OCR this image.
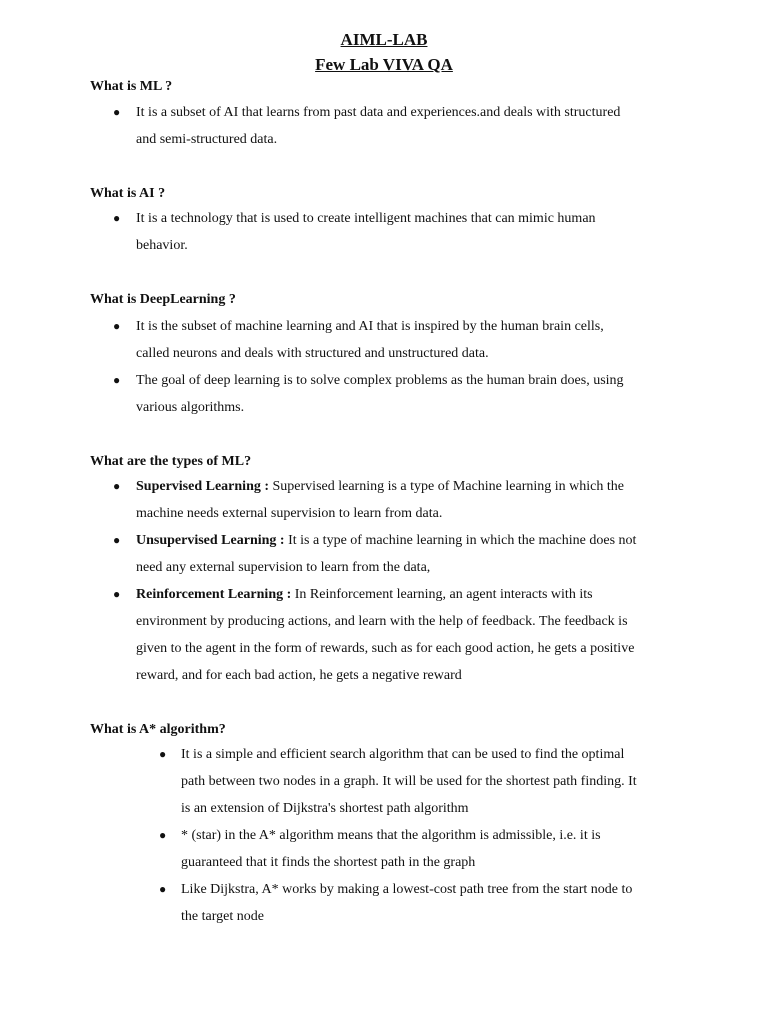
AIML-LAB
Few Lab VIVA QA
What is ML ?
● It is a subset of AI that learns from past data and experiences.and deals with structured
and semi-structured data.
What is AI ?
● It is a technology that is used to create intelligent machines that can mimic human
behavior.
What is DeepLearning ?
● It is the subset of machine learning and AI that is inspired by the human brain cells,
called neurons and deals with structured and unstructured data.
● The goal of deep learning is to solve complex problems as the human brain does, using
various algorithms.
What are the types of ML?
● Supervised Learning : Supervised learning is a type of Machine learning in which the
machine needs external supervision to learn from data.
● Unsupervised Learning : It is a type of machine learning in which the machine does not
need any external supervision to learn from the data,
● Reinforcement Learning : In Reinforcement learning, an agent interacts with its
environment by producing actions, and learn with the help of feedback. The feedback is
given to the agent in the form of rewards, such as for each good action, he gets a positive
reward, and for each bad action, he gets a negative reward
What is A* algorithm?
● It is a simple and efficient search algorithm that can be used to find the optimal
path between two nodes in a graph. It will be used for the shortest path finding. It
is an extension of Dijkstra's shortest path algorithm
● * (star) in the A* algorithm means that the algorithm is admissible, i.e. it is
guaranteed that it finds the shortest path in the graph
● Like Dijkstra, A* works by making a lowest-cost path tree from the start node to
the target node
